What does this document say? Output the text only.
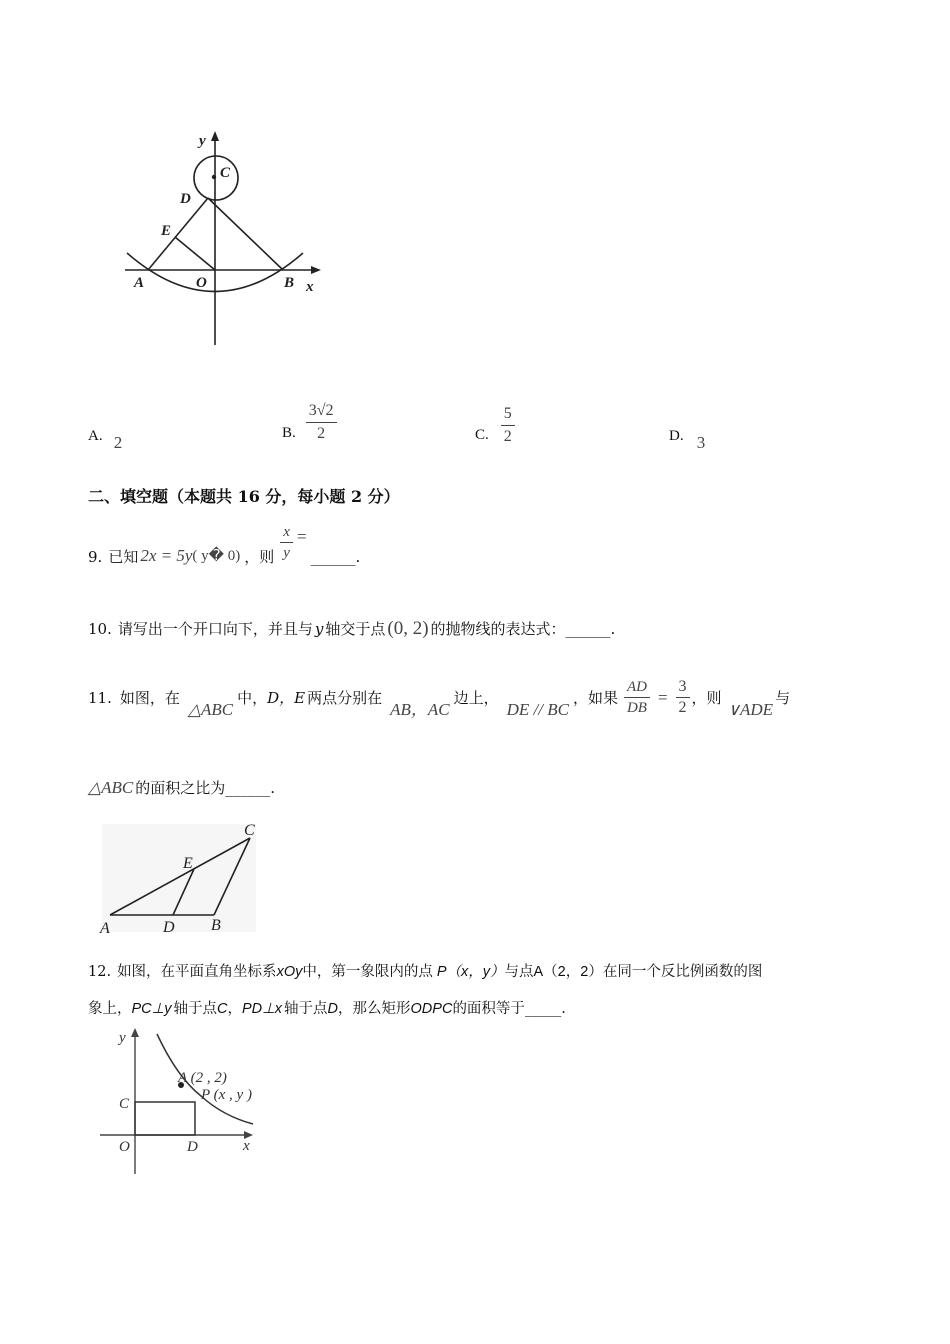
y
C
D
E
A	O	B x
A. 2
B. $\frac{3√2}{2}$	C. $\frac{5}{2}$	D. 3
二、填空题（本题共 16 分，每小题 2 分）
9. 已知 2x = 5y ( y� 0) ，则 $\frac{x}{y}$ =
______.
10. 请写出一个开口向下，并且与 y 轴交于点 (0, 2) 的抛物线的表达式： ______.
11. 如图，在
△ABC
中， D，E 两点分别在
AB，AC
边上，
DE // BC
，如果 $\frac{AD}{DB} = \frac{3}{2}$ ，则
∨ADE
与
△ABC 的面积之比为 ______.
C
E
A	D B
12. 如图，在平面直角坐标系 xOy 中，第一象限内的点 P（x，y） 与点 A（2，2） 在同一个反比例函数的图
象上， PC⊥y 轴于点 C ， PD⊥x 轴于点 D ，那么矩形 ODPC 的面积等于 _____.
y
A (2 , 2)
P (x , y )
C
O	D	x
